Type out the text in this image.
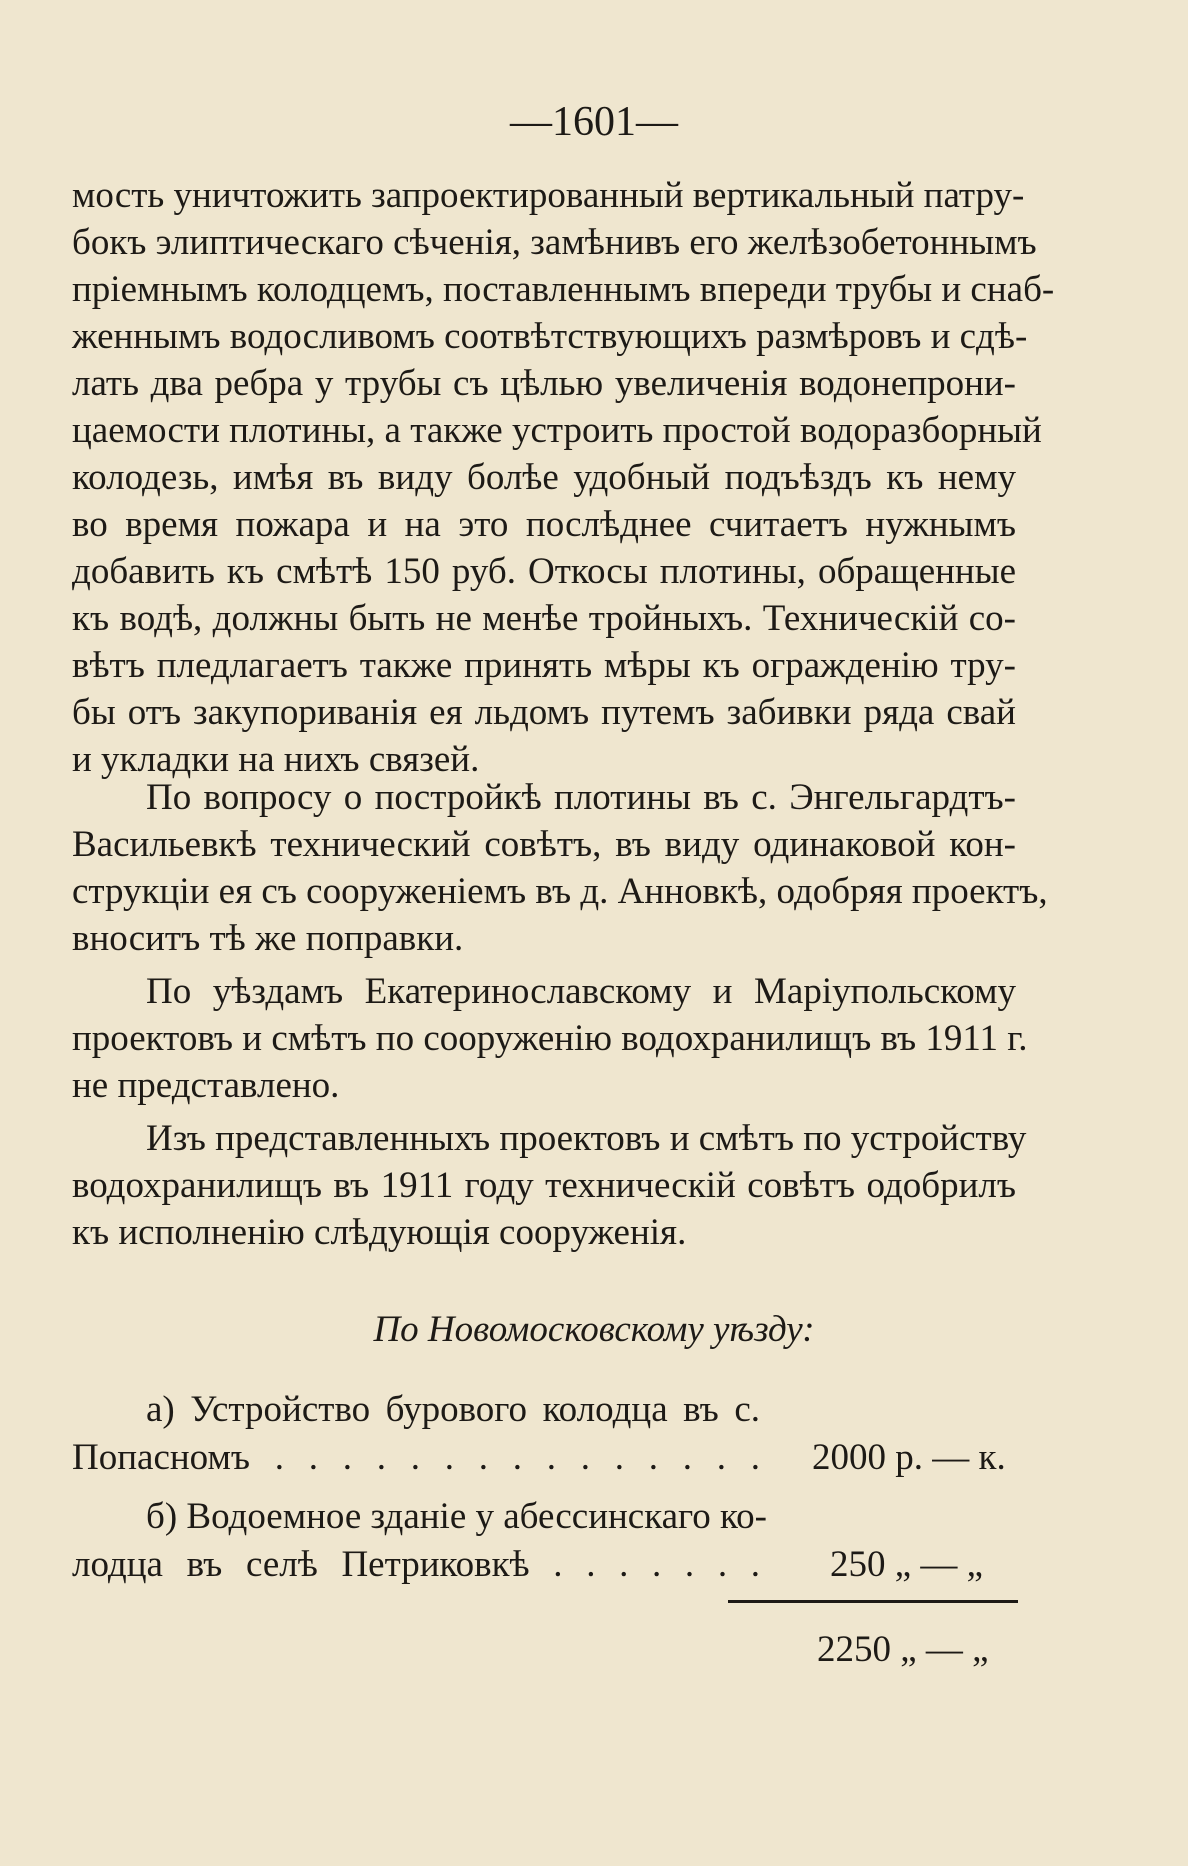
—1601—
мость уничтожить запроектированный вертикальный патру-
бокъ элиптическаго сѣченія, замѣнивъ его желѣзобетоннымъ
пріемнымъ колодцемъ, поставленнымъ впереди трубы и снаб-
женнымъ водосливомъ соотвѣтствующихъ размѣровъ и сдѣ-
лать два ребра у трубы съ цѣлью увеличенія водонепрони-
цаемости плотины, а также устроить простой водоразборный
колодезь, имѣя въ виду болѣе удобный подъѣздъ къ нему
во время пожара и на это послѣднее считаетъ нужнымъ
добавить къ смѣтѣ 150 руб. Откосы плотины, обращенные
къ водѣ, должны быть не менѣе тройныхъ. Техническій со-
вѣтъ пледлагаетъ также принять мѣры къ огражденію тру-
бы отъ закупориванія ея льдомъ путемъ забивки ряда свай
и укладки на нихъ связей.
По вопросу о постройкѣ плотины въ с. Энгельгардтъ-
Васильевкѣ технический совѣтъ, въ виду одинаковой кон-
струкціи ея съ сооруженіемъ въ д. Анновкѣ, одобряя проектъ,
вноситъ тѣ же поправки.
По уѣздамъ Екатеринославскому и Маріупольскому
проектовъ и смѣтъ по сооруженію водохранилищъ въ 1911 г.
не представлено.
Изъ представленныхъ проектовъ и смѣтъ по устройству
водохранилищъ въ 1911 году техническій совѣтъ одобрилъ
къ исполненію слѣдующія сооруженія.
По Новомосковскому уѣзду:
а) Устройство бурового колодца въ с.
Попасномъ . . . . . . . . . . . . . . . 2000 р. — к.
б) Водоемное зданіе у абессинскаго ко-
лодца въ селѣ Петриковкѣ . . . . . . . 250 „ — „
2250 „ — „
